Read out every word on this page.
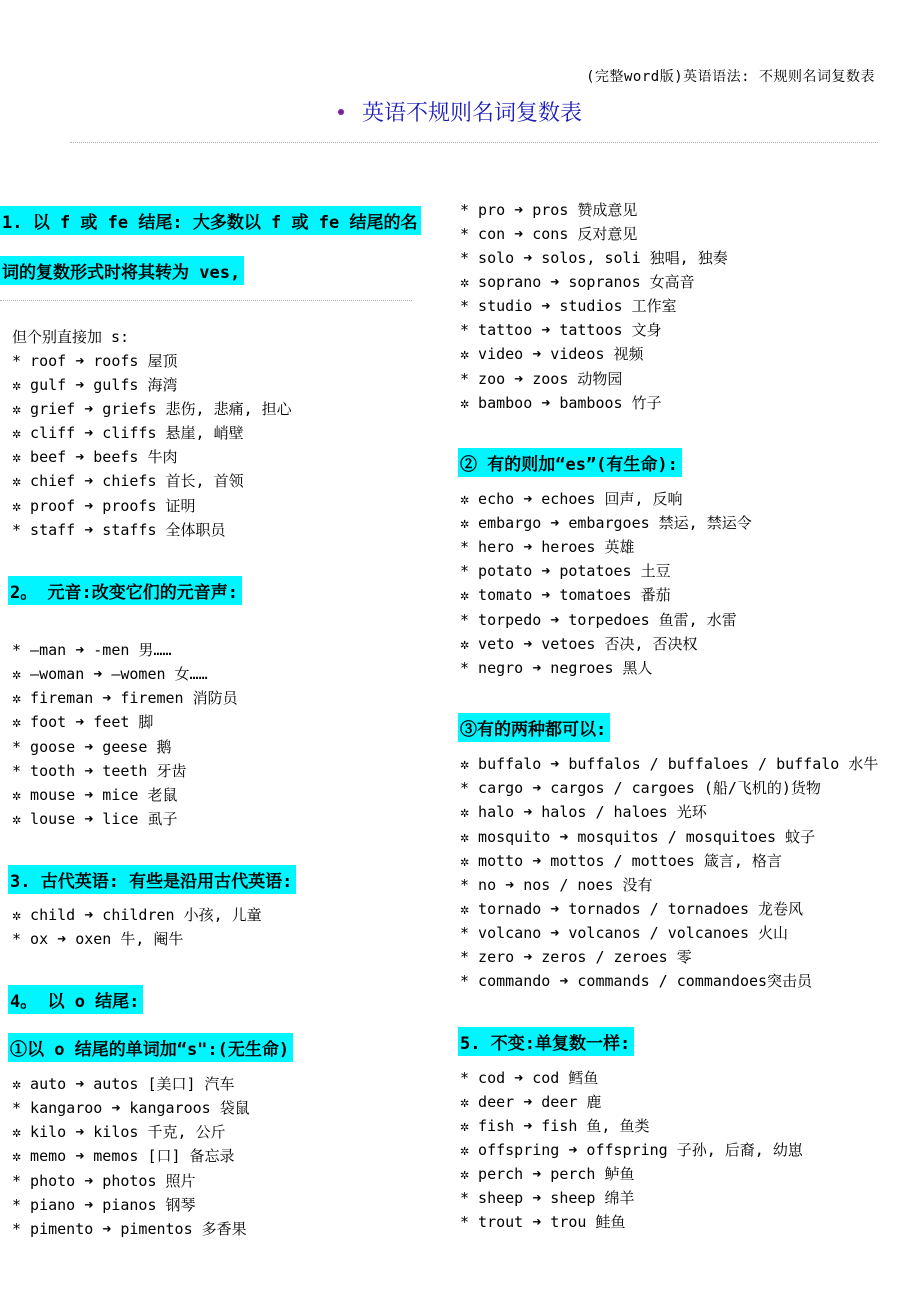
(完整word版)英语语法: 不规则名词复数表
英语不规则名词复数表
1. 以 f 或 fe 结尾: 大多数以 f 或 fe 结尾的名
词的复数形式时将其转为 ves,
但个别直接加 s:
* roof ➜ roofs 屋顶
✲ gulf ➜ gulfs 海湾
✲ grief ➜ griefs 悲伤, 悲痛, 担心
✲ cliff ➜ cliffs 悬崖, 峭壁
✲ beef ➜ beefs 牛肉
✲ chief ➜ chiefs 首长, 首领
✲ proof ➜ proofs 证明
* staff ➜ staffs 全体职员
2。 元音:改变它们的元音声:
* —man ➜ -men 男……
✲ —woman ➜ —women 女……
✲ fireman ➜ firemen 消防员
✲ foot ➜ feet 脚
* goose ➜ geese 鹅
* tooth ➜ teeth 牙齿
✲ mouse ➜ mice 老鼠
✲ louse ➜ lice 虱子
3. 古代英语: 有些是沿用古代英语:
✲ child ➜ children 小孩, 儿童
* ox ➜ oxen 牛, 阉牛
4。 以 o 结尾:
①以 o 结尾的单词加“s":(无生命)
✲ auto ➜ autos [美口] 汽车
* kangaroo ➜ kangaroos 袋鼠
✲ kilo ➜ kilos 千克, 公斤
✲ memo ➜ memos [口] 备忘录
* photo ➜ photos 照片
* piano ➜ pianos 钢琴
* pimento ➜ pimentos 多香果
* pro ➜ pros 赞成意见
* con ➜ cons 反对意见
* solo ➜ solos, soli 独唱, 独奏
✲ soprano ➜ sopranos 女高音
* studio ➜ studios 工作室
* tattoo ➜ tattoos 文身
✲ video ➜ videos 视频
* zoo ➜ zoos 动物园
✲ bamboo ➜ bamboos 竹子
② 有的则加“es”(有生命):
✲ echo ➜ echoes 回声, 反响
✲ embargo ➜ embargoes 禁运, 禁运令
* hero ➜ heroes 英雄
* potato ➜ potatoes 土豆
✲ tomato ➜ tomatoes 番茄
* torpedo ➜ torpedoes 鱼雷, 水雷
✲ veto ➜ vetoes 否决, 否决权
* negro ➜ negroes 黑人
③有的两种都可以:
✲ buffalo ➜ buffalos / buffaloes / buffalo 水牛
* cargo ➜ cargos / cargoes (船/飞机的)货物
✲ halo ➜ halos / haloes 光环
✲ mosquito ➜ mosquitos / mosquitoes 蚊子
✲ motto ➜ mottos / mottoes 箴言, 格言
* no ➜ nos / noes 没有
✲ tornado ➜ tornados / tornadoes 龙卷风
* volcano ➜ volcanos / volcanoes 火山
* zero ➜ zeros / zeroes 零
* commando ➜ commands / commandoes突击员
5. 不变:单复数一样:
* cod ➜ cod 鳕鱼
✲ deer ➜ deer 鹿
✲ fish ➜ fish 鱼, 鱼类
✲ offspring ➜ offspring 子孙, 后裔, 幼崽
✲ perch ➜ perch 鲈鱼
* sheep ➜ sheep 绵羊
* trout ➜ trou 鲑鱼
